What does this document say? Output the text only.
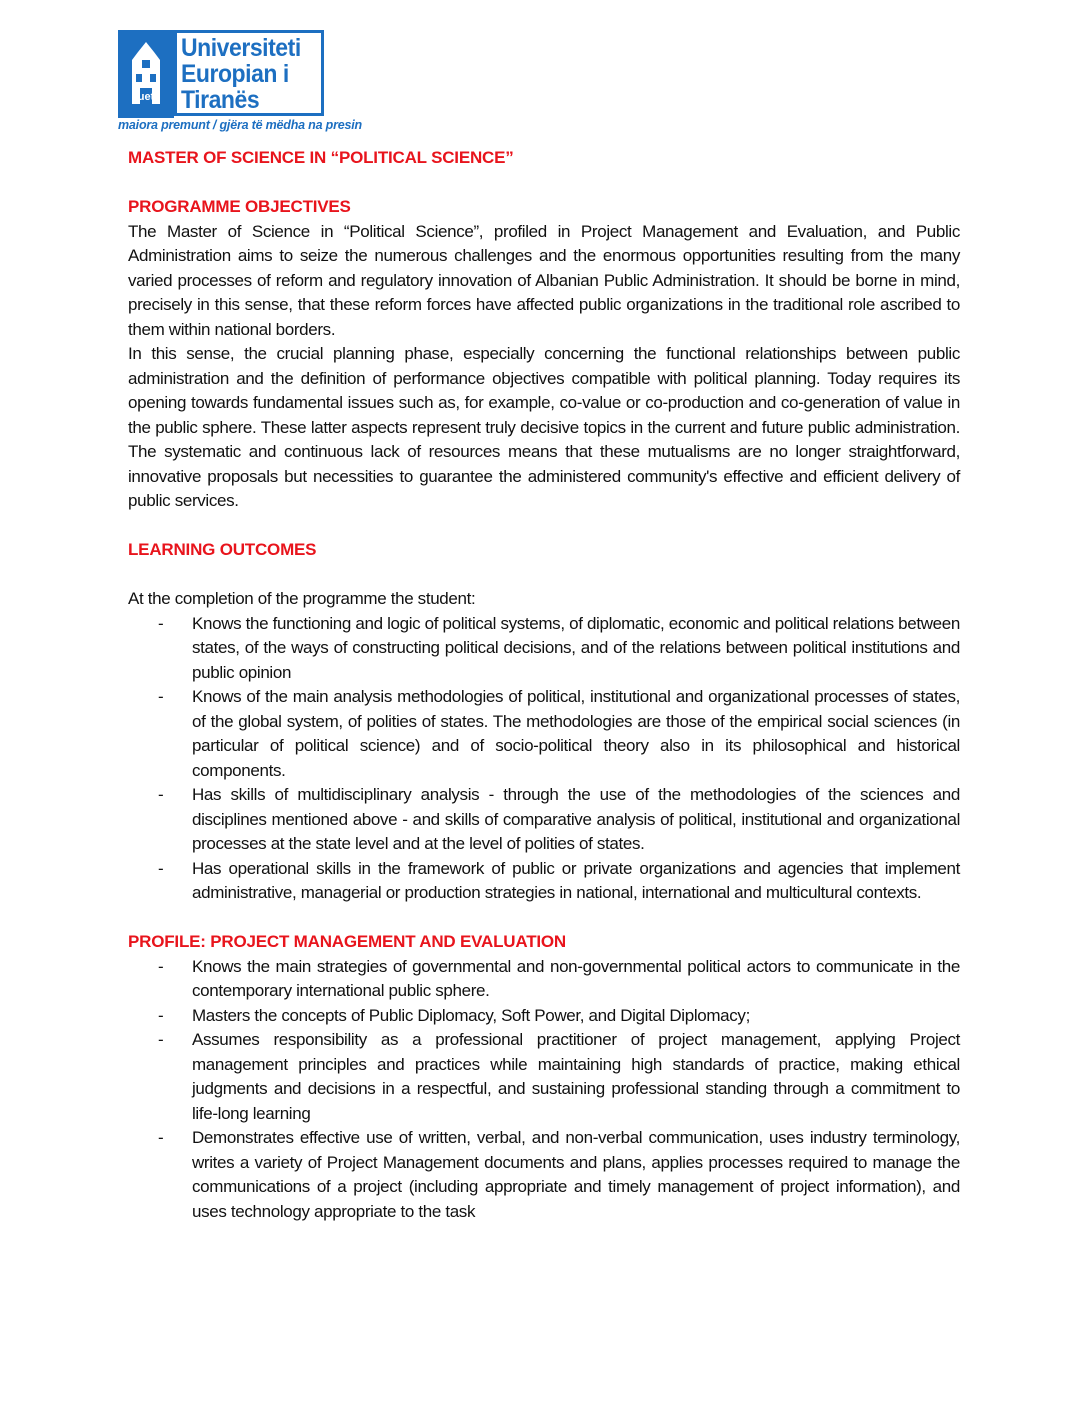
uet
Universiteti
Europian i
Tiranës
maiora premunt / gjëra të mëdha na presin

MASTER OF SCIENCE IN “POLITICAL SCIENCE”

PROGRAMME OBJECTIVES

The Master of Science in “Political Science”, profiled in Project Management and Evaluation, and Public Administration aims to seize the numerous challenges and the enormous opportunities resulting from the many varied processes of reform and regulatory innovation of Albanian Public Administration. It should be borne in mind, precisely in this sense, that these reform forces have affected public organizations in the traditional role ascribed to them within national borders.

In this sense, the crucial planning phase, especially concerning the functional relationships between public administration and the definition of performance objectives compatible with political planning. Today requires its opening towards fundamental issues such as, for example, co-value or co-production and co-generation of value in the public sphere. These latter aspects represent truly decisive topics in the current and future public administration. The systematic and continuous lack of resources means that these mutualisms are no longer straightforward, innovative proposals but necessities to guarantee the administered community's effective and efficient delivery of public services.

LEARNING OUTCOMES

At the completion of the programme the student:

- Knows the functioning and logic of political systems, of diplomatic, economic and political relations between states, of the ways of constructing political decisions, and of the relations between political institutions and public opinion
- Knows of the main analysis methodologies of political, institutional and organizational processes of states, of the global system, of polities of states. The methodologies are those of the empirical social sciences (in particular of political science) and of socio-political theory also in its philosophical and historical components.
- Has skills of multidisciplinary analysis - through the use of the methodologies of the sciences and disciplines mentioned above - and skills of comparative analysis of political, institutional and organizational processes at the state level and at the level of polities of states.
- Has operational skills in the framework of public or private organizations and agencies that implement administrative, managerial or production strategies in national, international and multicultural contexts.

PROFILE: PROJECT MANAGEMENT AND EVALUATION

- Knows the main strategies of governmental and non-governmental political actors to communicate in the contemporary international public sphere.
- Masters the concepts of Public Diplomacy, Soft Power, and Digital Diplomacy;
- Assumes responsibility as a professional practitioner of project management, applying Project management principles and practices while maintaining high standards of practice, making ethical judgments and decisions in a respectful, and sustaining professional standing through a commitment to life-long learning
- Demonstrates effective use of written, verbal, and non-verbal communication, uses industry terminology, writes a variety of Project Management documents and plans, applies processes required to manage the communications of a project (including appropriate and timely management of project information), and uses technology appropriate to the task
